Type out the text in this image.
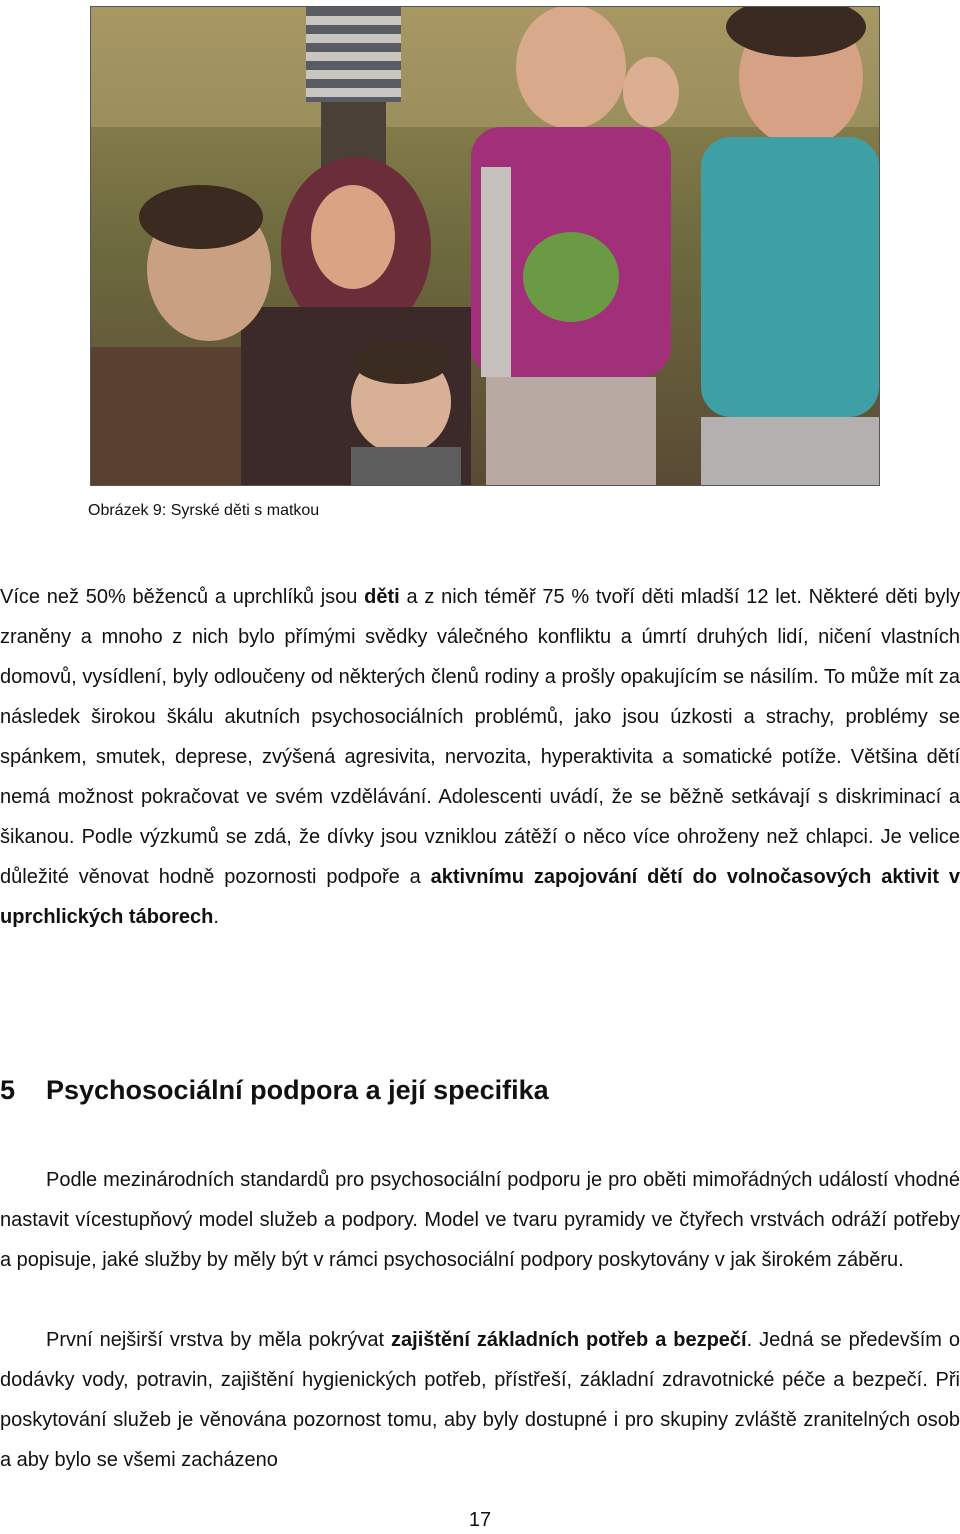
Obrázek 9: Syrské děti s matkou

Více než 50% běženců a uprchlíků jsou děti a z nich téměř 75 % tvoří děti mladší 12 let. Některé děti byly zraněny a mnoho z nich bylo přímými svědky válečného konfliktu a úmrtí druhých lidí, ničení vlastních domovů, vysídlení, byly odloučeny od některých členů rodiny a prošly opakujícím se násilím. To může mít za následek širokou škálu akutních psychosociálních problémů, jako jsou úzkosti a strachy, problémy se spánkem, smutek, deprese, zvýšená agresivita, nervozita, hyperaktivita a somatické potíže. Většina dětí nemá možnost pokračovat ve svém vzdělávání. Adolescenti uvádí, že se běžně setkávají s diskriminací a šikanou. Podle výzkumů se zdá, že dívky jsou vzniklou zátěží o něco více ohroženy než chlapci. Je velice důležité věnovat hodně pozornosti podpoře a aktivnímu zapojování dětí do volnočasových aktivit v uprchlických táborech.

5 Psychosociální podpora a její specifika

Podle mezinárodních standardů pro psychosociální podporu je pro oběti mimořádných událostí vhodné nastavit vícestupňový model služeb a podpory. Model ve tvaru pyramidy ve čtyřech vrstvách odráží potřeby a popisuje, jaké služby by měly být v rámci psychosociální podpory poskytovány v jak širokém záběru.

První nejširší vrstva by měla pokrývat zajištění základních potřeb a bezpečí. Jedná se především o dodávky vody, potravin, zajištění hygienických potřeb, přístřeší, základní zdravotnické péče a bezpečí. Při poskytování služeb je věnována pozornost tomu, aby byly dostupné i pro skupiny zvláště zranitelných osob a aby bylo se všemi zacházeno

17
